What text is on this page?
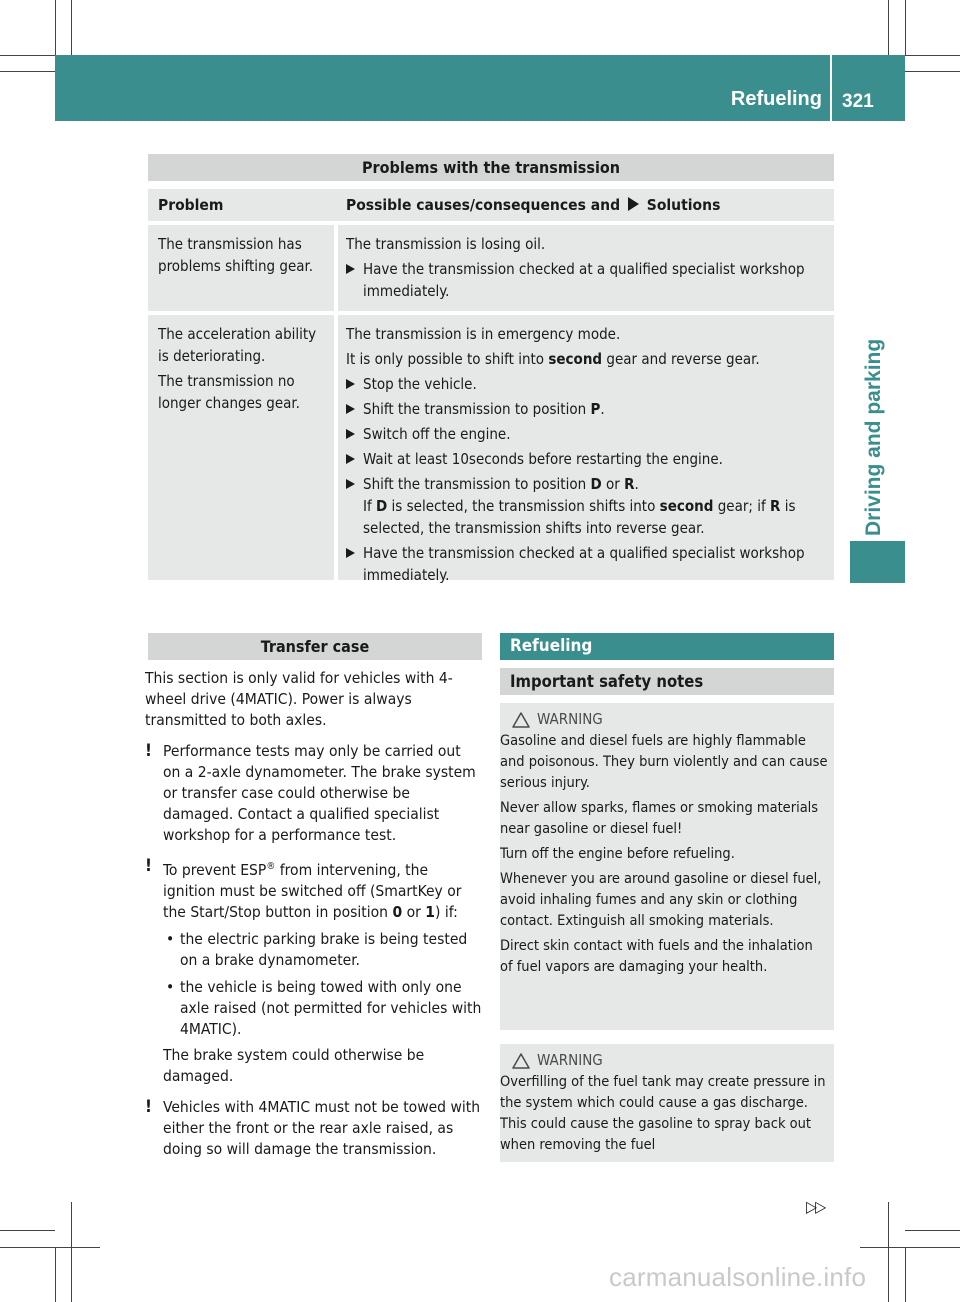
Refueling 321
Driving and parking
Problems with the transmission
Problem	Possible causes/consequences and Solutions
The transmission has problems shifting gear.

The transmission is losing oil.

Have the transmission checked at a qualified specialist workshop immediately.

The acceleration ability is deteriorating.

The transmission no longer changes gear.

The transmission is in emergency mode.

It is only possible to shift into second gear and reverse gear.

Stop the vehicle.
Shift the transmission to position P.
Switch off the engine.
Wait at least 10seconds before restarting the engine.
Shift the transmission to position D or R.
If D is selected, the transmission shifts into second gear; if R is selected, the transmission shifts into reverse gear.
Have the transmission checked at a qualified specialist workshop immediately.
Transfer case

This section is only valid for vehicles with 4-wheel drive (4MATIC). Power is always transmitted to both axles.

! Performance tests may only be carried out on a 2-axle dynamometer. The brake system or transfer case could otherwise be damaged. Contact a qualified specialist workshop for a performance test.
! To prevent ESP® from intervening, the ignition must be switched off (SmartKey or the Start/Stop button in position 0 or 1) if:
• the electric parking brake is being tested on a brake dynamometer.
• the vehicle is being towed with only one axle raised (not permitted for vehicles with 4MATIC).

The brake system could otherwise be damaged.

! Vehicles with 4MATIC must not be towed with either the front or the rear axle raised, as doing so will damage the transmission.
Refueling
Important safety notes
WARNING

Gasoline and diesel fuels are highly flammable and poisonous. They burn violently and can cause serious injury.

Never allow sparks, flames or smoking materials near gasoline or diesel fuel!

Turn off the engine before refueling.

Whenever you are around gasoline or diesel fuel, avoid inhaling fumes and any skin or clothing contact. Extinguish all smoking materials.

Direct skin contact with fuels and the inhalation of fuel vapors are damaging your health.

WARNING

Overfilling of the fuel tank may create pressure in the system which could cause a gas discharge. This could cause the gasoline to spray back out when removing the fuel

▷▷
carmanualsonline.info
